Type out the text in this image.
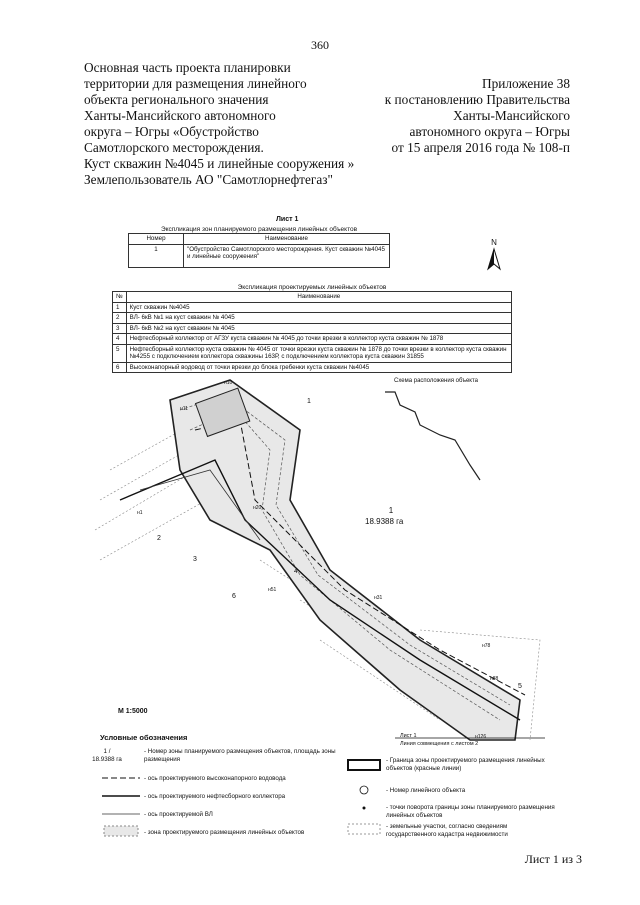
360
Основная часть проекта планировки
территории для размещения линейного
объекта регионального значения
Ханты-Мансийского автономного
округа – Югры «Обустройство
Самотлорского месторождения.
Куст скважин №4045 и линейные сооружения »
Землепользователь АО "Самотлорнефтегаз"
Приложение 38
к постановлению Правительства
Ханты-Мансийского
автономного округа – Югры
от 15 апреля 2016 года № 108-п
Лист 1
Экспликация зон планируемого размещения линейных объектов
Номер	Наименование
1	"Обустройство Самотлорского месторождения. Куст скважин №4045 и линейные сооружения"
N
Экспликация проектируемых линейных объектов
№	Наименование
1	Куст скважин №4045
2	ВЛ- 6кВ №1 на куст скважин № 4045
3	ВЛ- 6кВ №2 на куст скважин № 4045
4	Нефтесборный коллектор от АГЗУ куста скважин № 4045 до точки врезки в коллектор куста скважин № 1878
5	Нефтесборный коллектор куста скважин № 4045 от точки врезки куста скважин № 1878 до точки врезки в коллектор куста скважин №4255 с подключением коллектора скважины 163Р, с подключением коллектора куста скважин 31855
6	Высоконапорный водовод от точки врезки до блока гребенки куста скважин №4045
Схема расположения объекта
1
18.9388 га
М 1:5000
Лист 1
Линия совмещения с листом 2
1
2
3
4
5
6
н1
н10
н11
н20
н31
н51
н78
н88
н126
Условные обозначения
1 / 18.9388 га
- Номер зоны планируемого размещения объектов, площадь зоны размещения
- ось проектируемого высоконапорного водовода
- ось проектируемого нефтесборного коллектора
- ось проектируемой ВЛ
- зона проектируемого размещения линейных объектов
- Граница зоны проектируемого размещения линейных объектов (красные линии)
- Номер линейного объекта
- точки поворота границы зоны планируемого размещения линейных объектов
- земельные участки, согласно сведениям государственного кадастра недвижимости
Лист 1 из 3
